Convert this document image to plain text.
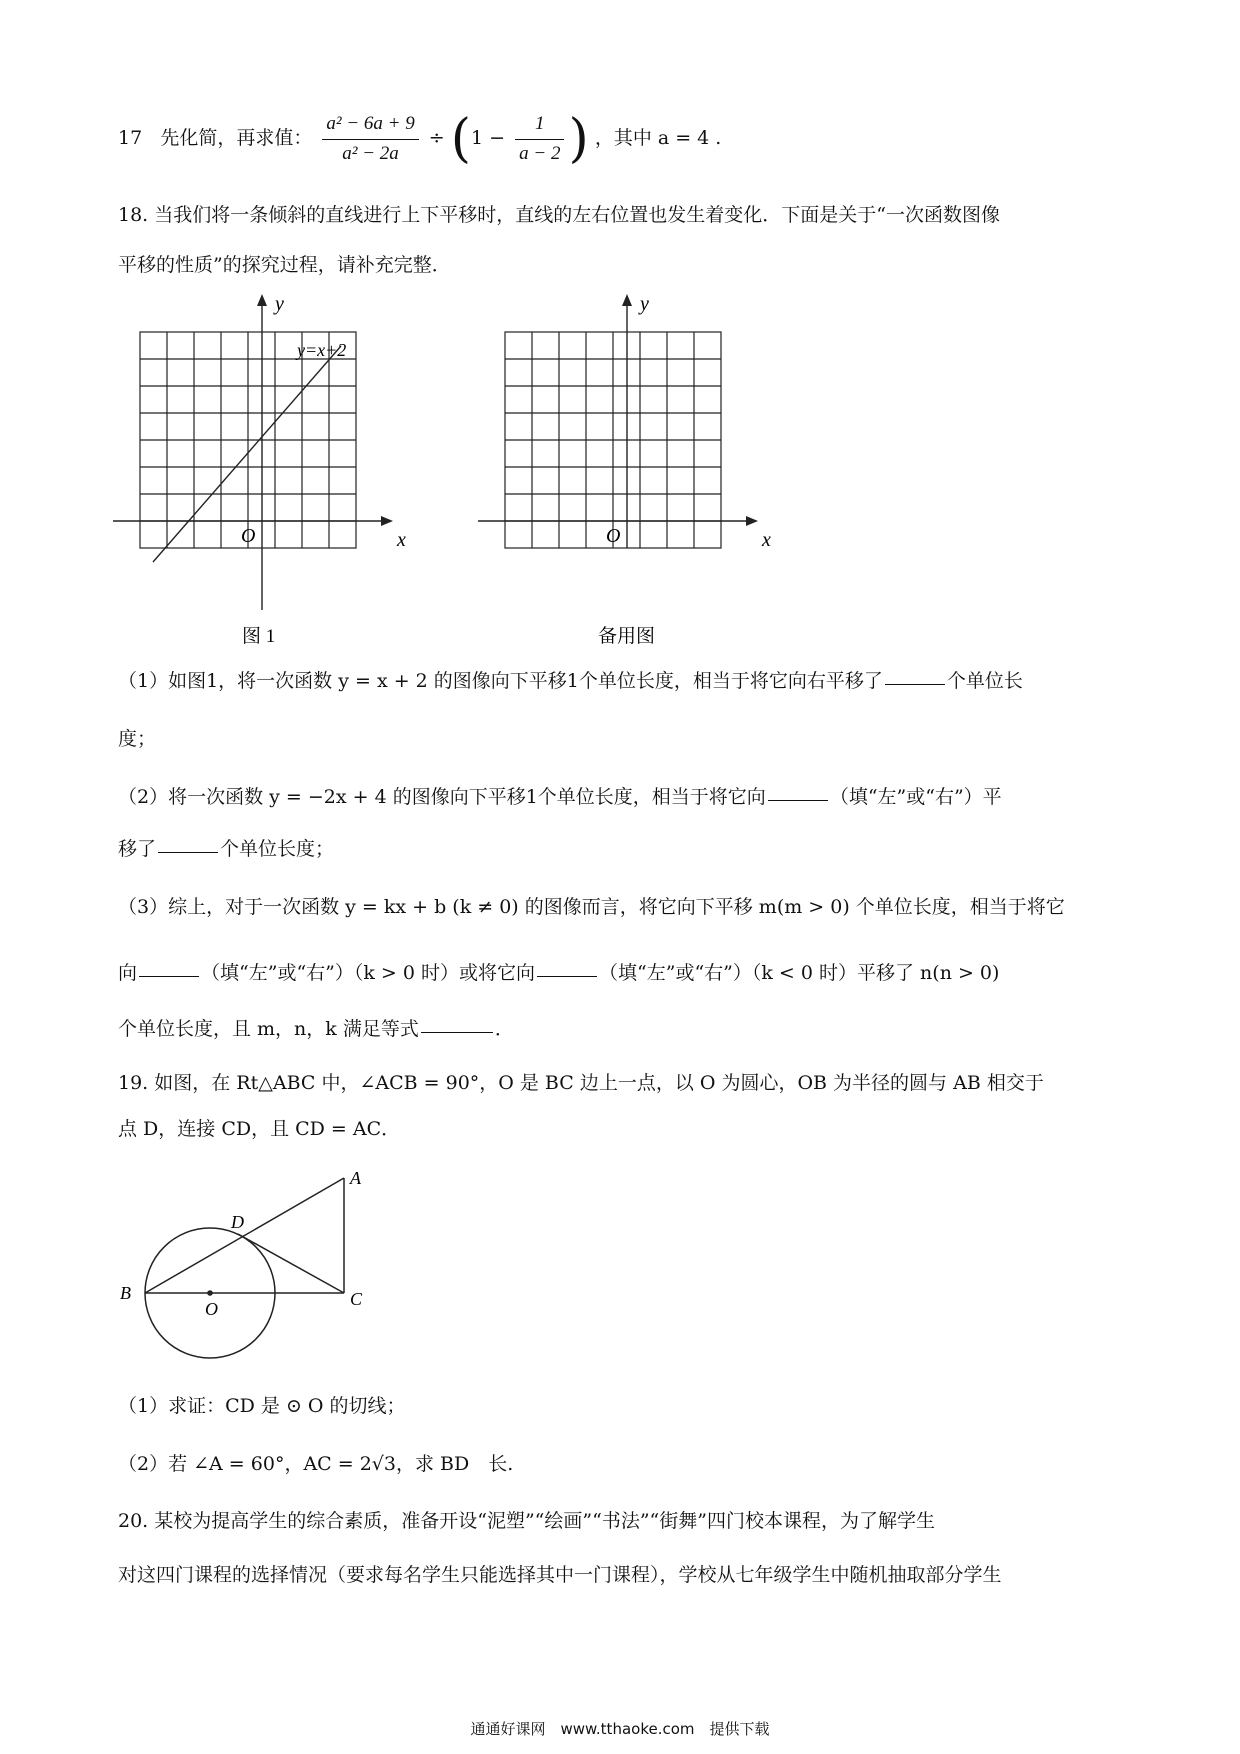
17 先化简，再求值： $\frac{\text{a² − 6a + 9}}{\text{a² − 2a}} \div (1 - \frac{1}{a - 2}$ ) ，其中 a = 4 .
18. 当我们将一条倾斜的直线进行上下平移时，直线的左右位置也发生着变化．下面是关于“一次函数图像
平移的性质”的探究过程，请补充完整．
y
x
O
y=x+2
图 1
y
x
O
备用图
（1）如图1，将一次函数 y = x + 2 的图像向下平移1个单位长度，相当于将它向右平移了	个单位长
度；
（2）将一次函数 y = −2x + 4 的图像向下平移1个单位长度，相当于将它向	（填“左”或“右”）平
移了	个单位长度；
（3）综上，对于一次函数 y = kx + b (k ≠ 0) 的图像而言，将它向下平移 m(m > 0) 个单位长度，相当于将它
向	（填“左”或“右”）（k > 0 时）或将它向	（填“左”或“右”）（k < 0 时）平移了 n(n > 0)
个单位长度，且 m，n，k 满足等式	．
19. 如图，在 Rt△ABC 中，∠ACB = 90°，O 是 BC 边上一点，以 O 为圆心，OB 为半径的圆与 AB 相交于
点 D，连接 CD，且 CD = AC．
A
B	C
D
O
（1）求证：CD 是 ⊙ O 的切线；
（2）若 ∠A = 60°，AC = 2√3，求 BD　长.
20. 某校为提高学生的综合素质，准备开设“泥塑”“绘画”“书法”“街舞”四门校本课程，为了解学生
对这四门课程的选择情况（要求每名学生只能选择其中一门课程），学校从七年级学生中随机抽取部分学生
通通好课网　www.tthaoke.com　提供下载
